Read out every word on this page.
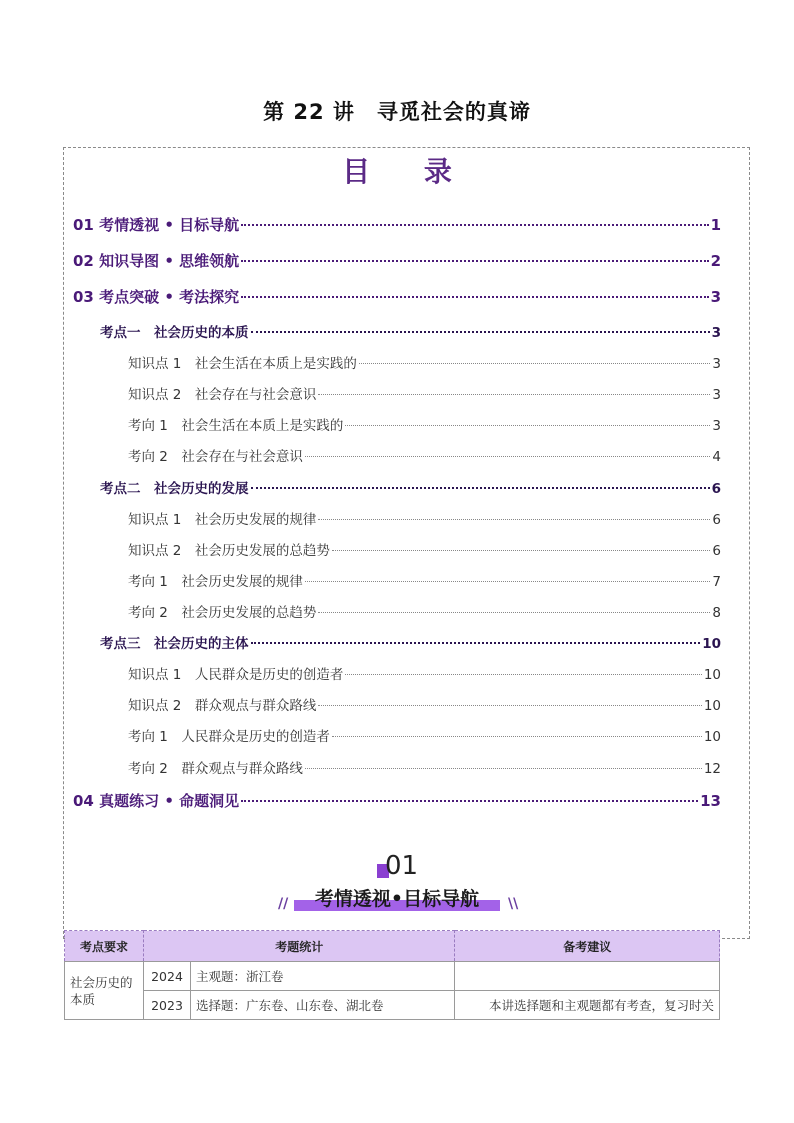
第 22 讲　寻觅社会的真谛
目 录
01 考情透视 • 目标导航	1
02 知识导图 • 思维领航	2
03 考点突破 • 考法探究	3
考点一　社会历史的本质	3
知识点 1　社会生活在本质上是实践的	3
知识点 2　社会存在与社会意识	3
考向 1　社会生活在本质上是实践的	3
考向 2　社会存在与社会意识	4
考点二　社会历史的发展	6
知识点 1　社会历史发展的规律	6
知识点 2　社会历史发展的总趋势	6
考向 1　社会历史发展的规律	7
考向 2　社会历史发展的总趋势	8
考点三　社会历史的主体	10
知识点 1　人民群众是历史的创造者	10
知识点 2　群众观点与群众路线	10
考向 1　人民群众是历史的创造者	10
考向 2　群众观点与群众路线	12
04 真题练习 • 命题洞见	13
01
//	考情透视•目标导航	\\
考点要求	考题统计		备考建议
社会历史的本质	2024	主观题：浙江卷	
	2023	选择题：广东卷、山东卷、湖北卷	本讲选择题和主观题都有考查，复习时关
